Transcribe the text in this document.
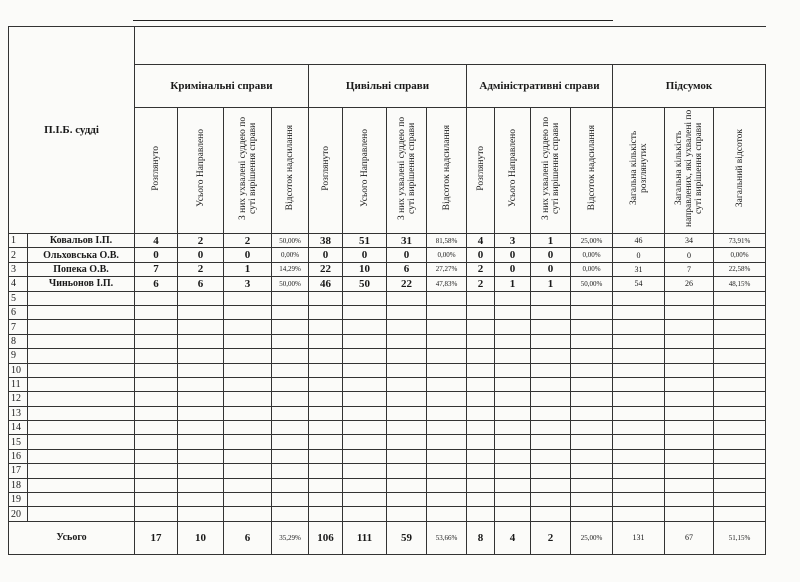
П.І.Б. судді																
		Кримінальні справи				Цивільні справи				Адміністративні справи				Підсумок		
		Розглянуто	Усього Направлено	З них ухвалені суддею по суті вирішення справи	Відсоток надсилання	Розглянуто	Усього Направлено	З них ухвалені суддею по суті вирішення справи	Відсоток надсилання	Розглянуто	Усього Направлено	З них ухвалені суддею по суті вирішення справи	Відсоток надсилання	Загальна кількість розглянутих	Загальна кількість направлених, які ухвалені по суті вирішення справи	Загальний відсоток
1	Ковальов І.П.	4	2	2	50,00%	38	51	31	81,58%	4	3	1	25,00%	46	34	73,91%
2	Ольховська О.В.	0	0	0	0,00%	0	0	0	0,00%	0	0	0	0,00%	0	0	0,00%
3	Попека О.В.	7	2	1	14,29%	22	10	6	27,27%	2	0	0	0,00%	31	7	22,58%
4	Чиньонов І.П.	6	6	3	50,00%	46	50	22	47,83%	2	1	1	50,00%	54	26	48,15%
5																
6																
7																
8																
9																
10																
11																
12																
13																
14																
15																
16																
17																
18																
19																
20																
Усього		17	10	6	35,29%	106	111	59	53,66%	8	4	2	25,00%	131	67	51,15%
